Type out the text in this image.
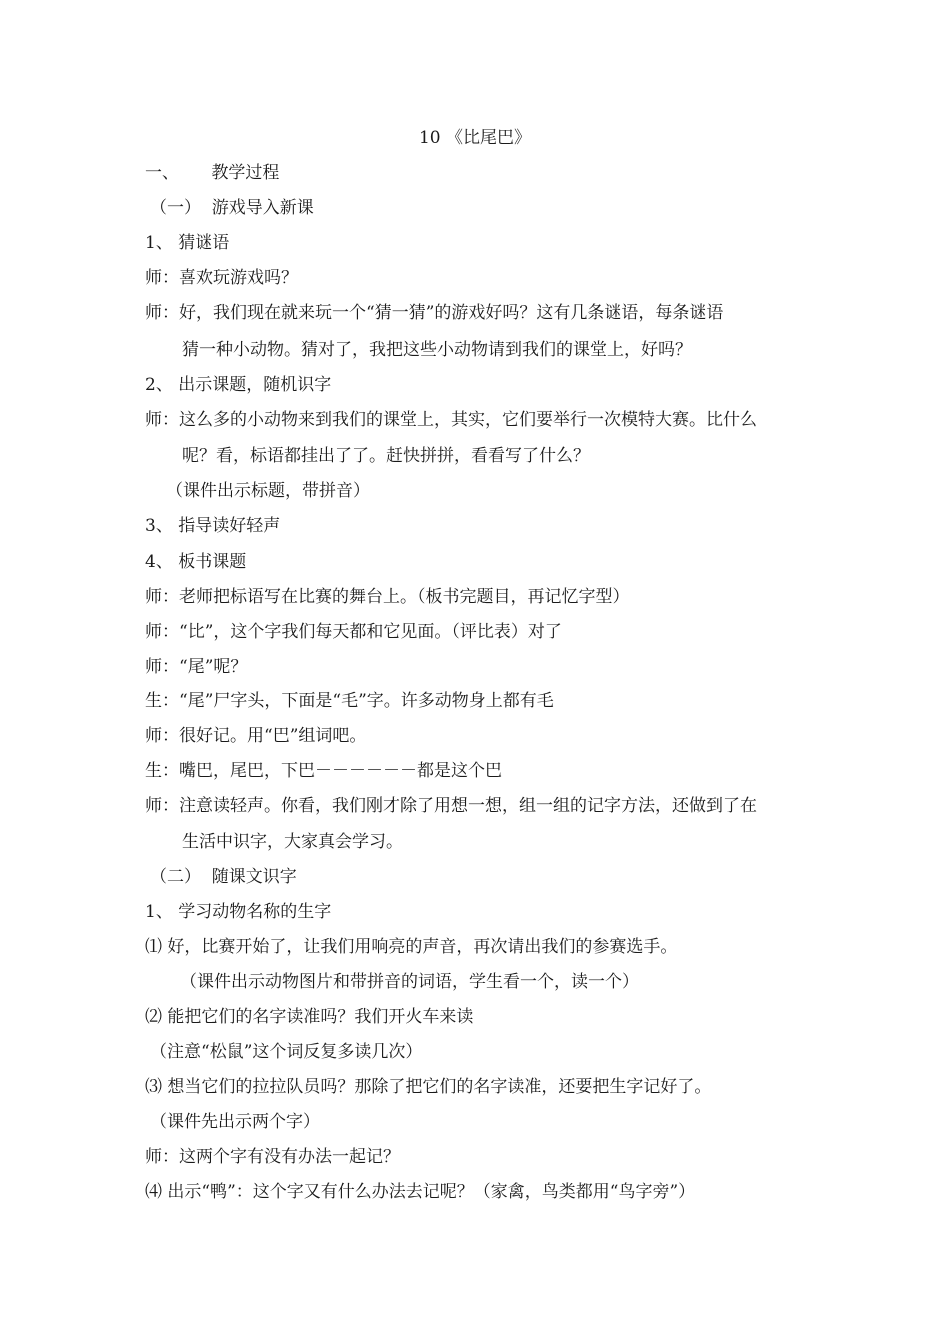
10 《比尾巴》
一、      教学过程
（一）  游戏导入新课
1、 猜谜语
师：喜欢玩游戏吗？
师：好，我们现在就来玩一个“猜一猜”的游戏好吗？这有几条谜语，每条谜语
猜一种小动物。猜对了，我把这些小动物请到我们的课堂上，好吗？
2、 出示课题，随机识字
师：这么多的小动物来到我们的课堂上，其实，它们要举行一次模特大赛。比什么
呢？看，标语都挂出了了。赶快拼拼，看看写了什么？
（课件出示标题，带拼音）
3、 指导读好轻声
4、 板书课题
师：老师把标语写在比赛的舞台上。（板书完题目，再记忆字型）
师：“比”，这个字我们每天都和它见面。（评比表）对了
师：“尾”呢？
生：“尾”尸字头，下面是“毛”字。许多动物身上都有毛
师：很好记。用“巴”组词吧。
生：嘴巴，尾巴，下巴－－－－－－都是这个巴
师：注意读轻声。你看，我们刚才除了用想一想，组一组的记字方法，还做到了在
生活中识字，大家真会学习。
（二）  随课文识字
1、 学习动物名称的生字
⑴ 好，比赛开始了，让我们用响亮的声音，再次请出我们的参赛选手。
（课件出示动物图片和带拼音的词语，学生看一个，读一个）
⑵ 能把它们的名字读准吗？我们开火车来读
（注意“松鼠”这个词反复多读几次）
⑶ 想当它们的拉拉队员吗？那除了把它们的名字读准，还要把生字记好了。
（课件先出示两个字）
师：这两个字有没有办法一起记？
⑷ 出示“鸭”：这个字又有什么办法去记呢？（家禽，鸟类都用“鸟字旁”）
